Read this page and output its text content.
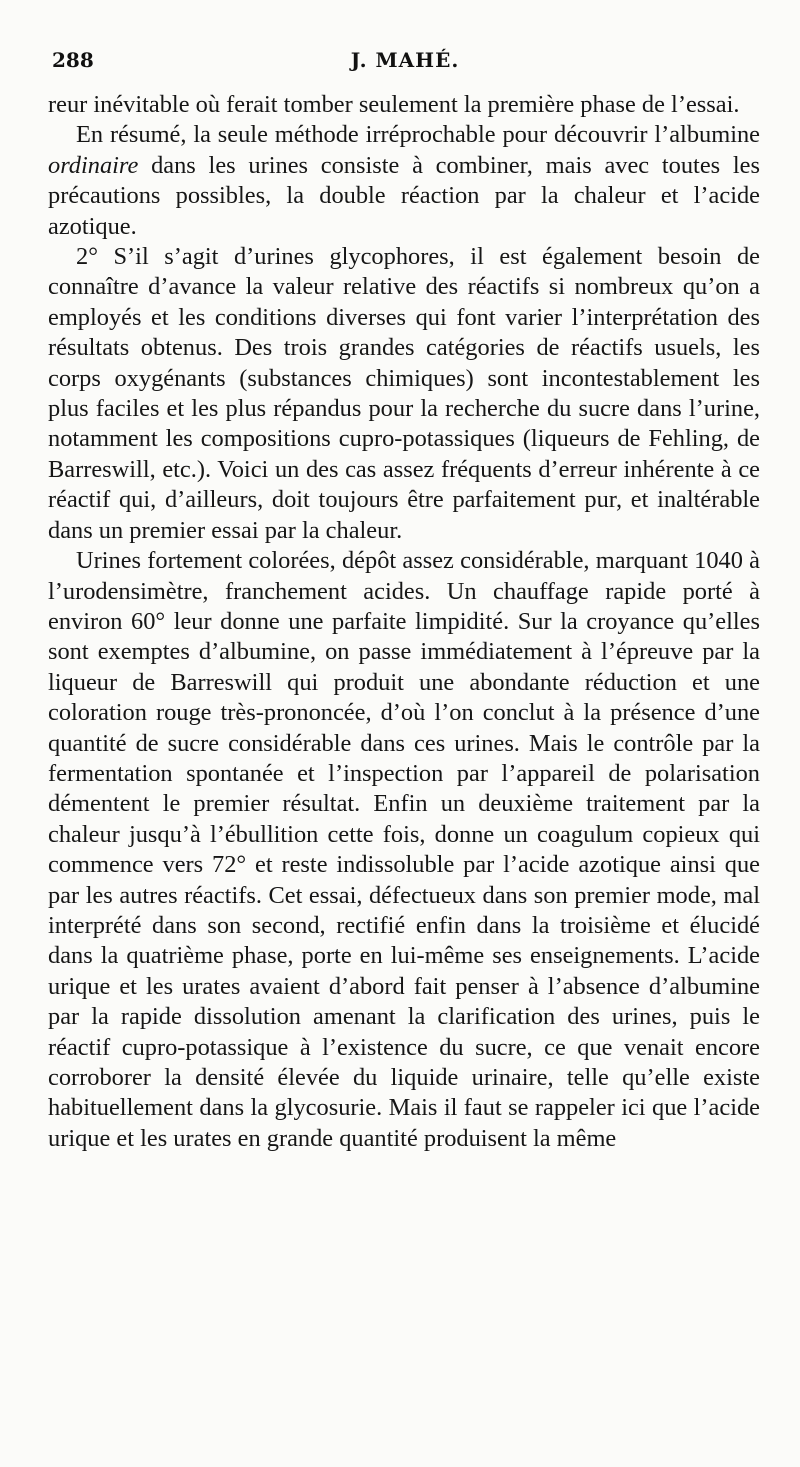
288	J. MAHÉ.

reur inévitable où ferait tomber seulement la première phase de l’essai.

En résumé, la seule méthode irréprochable pour découvrir l’albumine ordinaire dans les urines consiste à combiner, mais avec toutes les précautions possibles, la double réaction par la chaleur et l’acide azotique.

2° S’il s’agit d’urines glycophores, il est également besoin de connaître d’avance la valeur relative des réactifs si nombreux qu’on a employés et les conditions diverses qui font varier l’interprétation des résultats obtenus. Des trois grandes catégories de réactifs usuels, les corps oxygénants (substances chimiques) sont incontestablement les plus faciles et les plus répandus pour la recherche du sucre dans l’urine, notamment les compositions cupro-potassiques (liqueurs de Fehling, de Barreswill, etc.). Voici un des cas assez fréquents d’erreur inhérente à ce réactif qui, d’ailleurs, doit toujours être parfaitement pur, et inaltérable dans un premier essai par la chaleur.

Urines fortement colorées, dépôt assez considérable, marquant 1040 à l’urodensimètre, franchement acides. Un chauffage rapide porté à environ 60° leur donne une parfaite limpidité. Sur la croyance qu’elles sont exemptes d’albumine, on passe immédiatement à l’épreuve par la liqueur de Barreswill qui produit une abondante réduction et une coloration rouge très-prononcée, d’où l’on conclut à la présence d’une quantité de sucre considérable dans ces urines. Mais le contrôle par la fermentation spontanée et l’inspection par l’appareil de polarisation démentent le premier résultat. Enfin un deuxième traitement par la chaleur jusqu’à l’ébullition cette fois, donne un coagulum copieux qui commence vers 72° et reste indissoluble par l’acide azotique ainsi que par les autres réactifs. Cet essai, défectueux dans son premier mode, mal interprété dans son second, rectifié enfin dans la troisième et élucidé dans la quatrième phase, porte en lui-même ses enseignements. L’acide urique et les urates avaient d’abord fait penser à l’absence d’albumine par la rapide dissolution amenant la clarification des urines, puis le réactif cupro-potassique à l’existence du sucre, ce que venait encore corroborer la densité élevée du liquide urinaire, telle qu’elle existe habituellement dans la glycosurie. Mais il faut se rappeler ici que l’acide urique et les urates en grande quantité produisent la même
